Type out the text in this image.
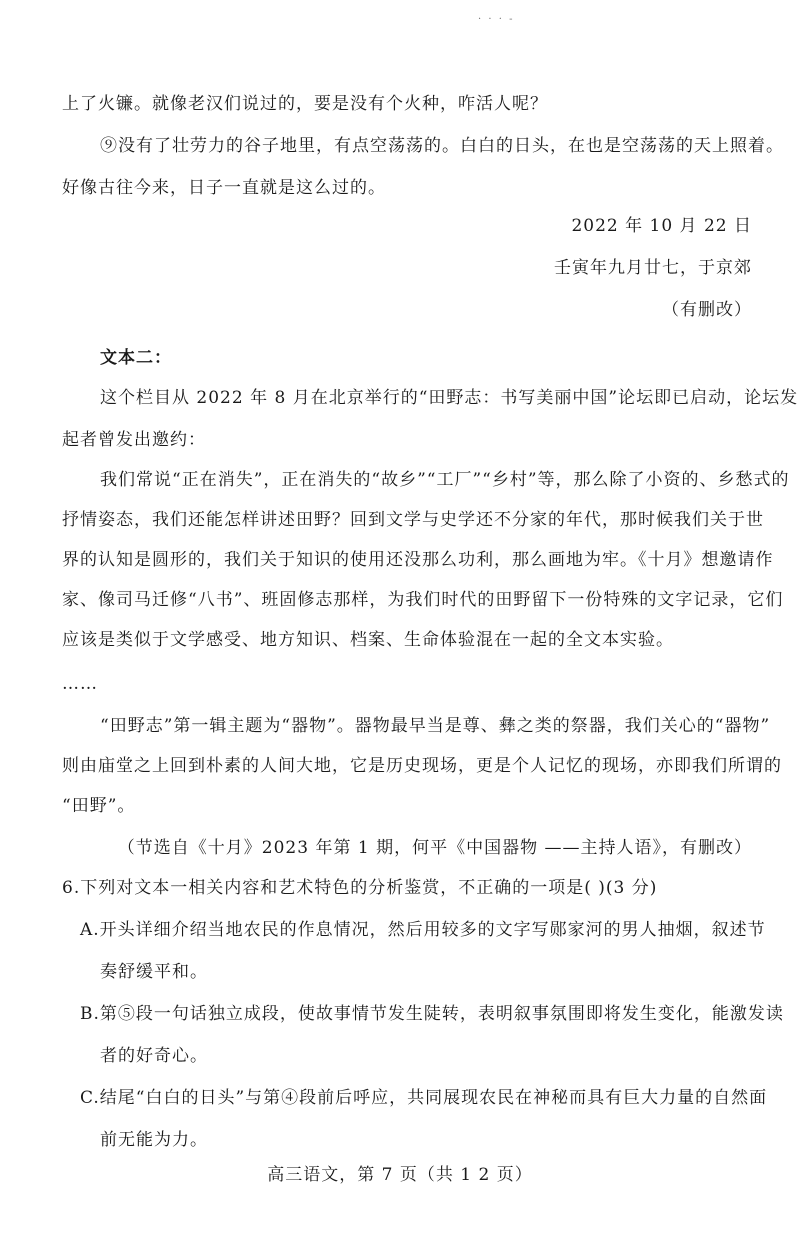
· · · -
上了火镰。就像老汉们说过的，要是没有个火种，咋活人呢？
⑨没有了壮劳力的谷子地里，有点空荡荡的。白白的日头，在也是空荡荡的天上照着。
好像古往今来，日子一直就是这么过的。
2022 年 10 月 22 日
壬寅年九月廿七，于京郊
（有删改）
文本二：
这个栏目从 2022 年 8 月在北京举行的“田野志：书写美丽中国”论坛即已启动，论坛发
起者曾发出邀约：
我们常说“正在消失”，正在消失的“故乡”“工厂”“乡村”等，那么除了小资的、乡愁式的
抒情姿态，我们还能怎样讲述田野？回到文学与史学还不分家的年代，那时候我们关于世
界的认知是圆形的，我们关于知识的使用还没那么功利，那么画地为牢。《十月》想邀请作
家、像司马迁修“八书”、班固修志那样，为我们时代的田野留下一份特殊的文字记录，它们
应该是类似于文学感受、地方知识、档案、生命体验混在一起的全文本实验。
……
“田野志”第一辑主题为“器物”。器物最早当是尊、彝之类的祭器，我们关心的“器物”
则由庙堂之上回到朴素的人间大地，它是历史现场，更是个人记忆的现场，亦即我们所谓的
“田野”。
（节选自《十月》2023 年第 1 期，何平《中国器物 ——主持人语》，有删改）
6.下列对文本一相关内容和艺术特色的分析鉴赏，不正确的一项是( )(3 分)
A.开头详细介绍当地农民的作息情况，然后用较多的文字写郧家河的男人抽烟，叙述节
奏舒缓平和。
B.第⑤段一句话独立成段，使故事情节发生陡转，表明叙事氛围即将发生变化，能激发读
者的好奇心。
C.结尾“白白的日头”与第④段前后呼应，共同展现农民在神秘而具有巨大力量的自然面
前无能为力。
高三语文，第 7 页（共 1 2 页）
